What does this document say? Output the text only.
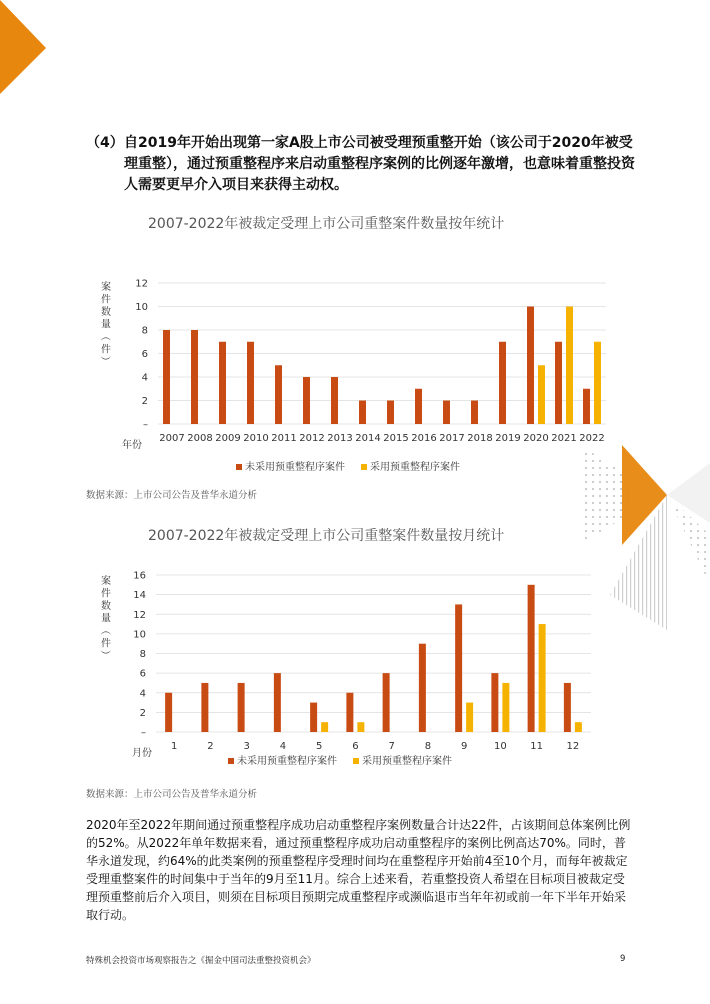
（4） 自2019年开始出现第一家A股上市公司被受理预重整开始（该公司于2020年被受理重整），通过预重整程序来启动重整程序案例的比例逐年激增，也意味着重整投资人需要更早介入项目来获得主动权。
2007-2022年被裁定受理上市公司重整案件数量按年统计
–
2
4
6
8
10
12
案
件
数
量
（
件
）
2007 2008 2009 2010 2011 2012 2013 2014 2015 2016 2017 2018 2019 2020 2021 2022
年份
未采用预重整程序案件	采用预重整程序案件
数据来源：上市公司公告及普华永道分析
2007-2022年被裁定受理上市公司重整案件数量按月统计
–
2
4
6
8
10
12
14
16
案
件
数
量
（
件
）
1	2	3	4	5	6	7	8	9	10 11 12
月份
未采用预重整程序案件	采用预重整程序案件
数据来源：上市公司公告及普华永道分析
2020年至2022年期间通过预重整程序成功启动重整程序案例数量合计达22件，占该期间总体案例比例的52%。从2022年单年数据来看，通过预重整程序成功启动重整程序的案例比例高达70%。同时，普华永道发现，约64%的此类案例的预重整程序受理时间均在重整程序开始前4至10个月，而每年被裁定受理重整案件的时间集中于当年的9月至11月。综合上述来看，若重整投资人希望在目标项目被裁定受理预重整前后介入项目，则须在目标项目预期完成重整程序或濒临退市当年年初或前一年下半年开始采取行动。
特殊机会投资市场观察报告之《掘金中国司法重整投资机会》	9
